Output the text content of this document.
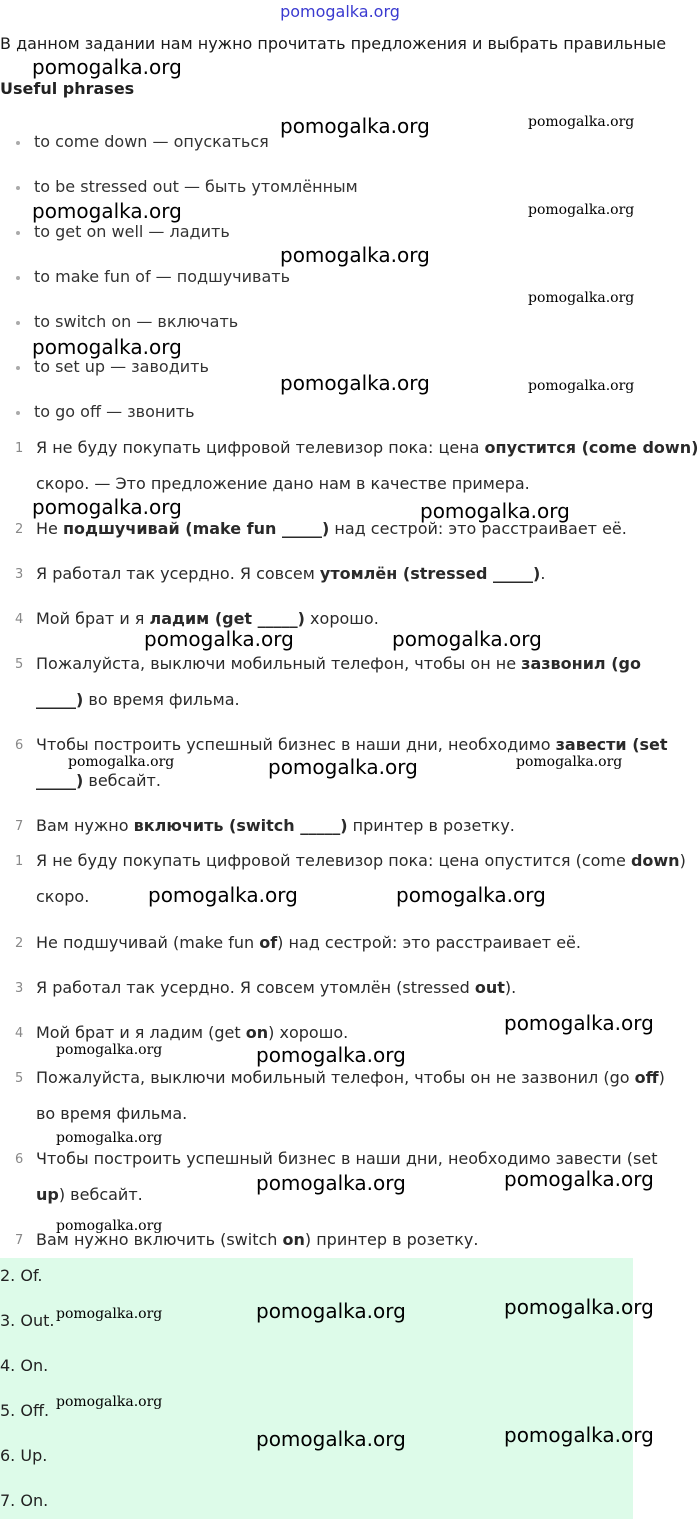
pomogalka.org
В данном задании нам нужно прочитать предложения и выбрать правильные
Useful phrases
to come down — опускаться
to be stressed out — быть утомлённым
to get on well — ладить
to make fun of — подшучивать
to switch on — включать
to set up — заводить
to go off — звонить
1 Я не буду покупать цифровой телевизор пока: цена опустится (come down)
скоро. — Это предложение дано нам в качестве примера.
2 Не подшучивай (make fun _____) над сестрой: это расстраивает её.
3 Я работал так усердно. Я совсем утомлён (stressed _____).
4 Мой брат и я ладим (get _____) хорошо.
5 Пожалуйста, выключи мобильный телефон, чтобы он не зазвонил (go
_____) во время фильма.
6 Чтобы построить успешный бизнес в наши дни, необходимо завести (set
_____) вебсайт.
7 Вам нужно включить (switch _____) принтер в розетку.
1 Я не буду покупать цифровой телевизор пока: цена опустится (come down)
скоро.
2 Не подшучивай (make fun of) над сестрой: это расстраивает её.
3 Я работал так усердно. Я совсем утомлён (stressed out).
4 Мой брат и я ладим (get on) хорошо.
5 Пожалуйста, выключи мобильный телефон, чтобы он не зазвонил (go off)
во время фильма.
6 Чтобы построить успешный бизнес в наши дни, необходимо завести (set
up) вебсайт.
7 Вам нужно включить (switch on) принтер в розетку.
2. Of.
3. Out.
4. On.
5. Off.
6. Up.
7. On.
pomogalka.org
pomogalka.org	pomogalka.org
pomogalka.org	pomogalka.org
pomogalka.org
pomogalka.org
pomogalka.org
pomogalka.org	pomogalka.org
pomogalka.org	pomogalka.org
pomogalka.org	pomogalka.org
pomogalka.org	pomogalka.org	pomogalka.org
pomogalka.org	pomogalka.org
pomogalka.org
pomogalka.org	pomogalka.org
pomogalka.org
pomogalka.org	pomogalka.org
pomogalka.org
pomogalka.org	pomogalka.org	pomogalka.org
pomogalka.org
pomogalka.org	pomogalka.org
